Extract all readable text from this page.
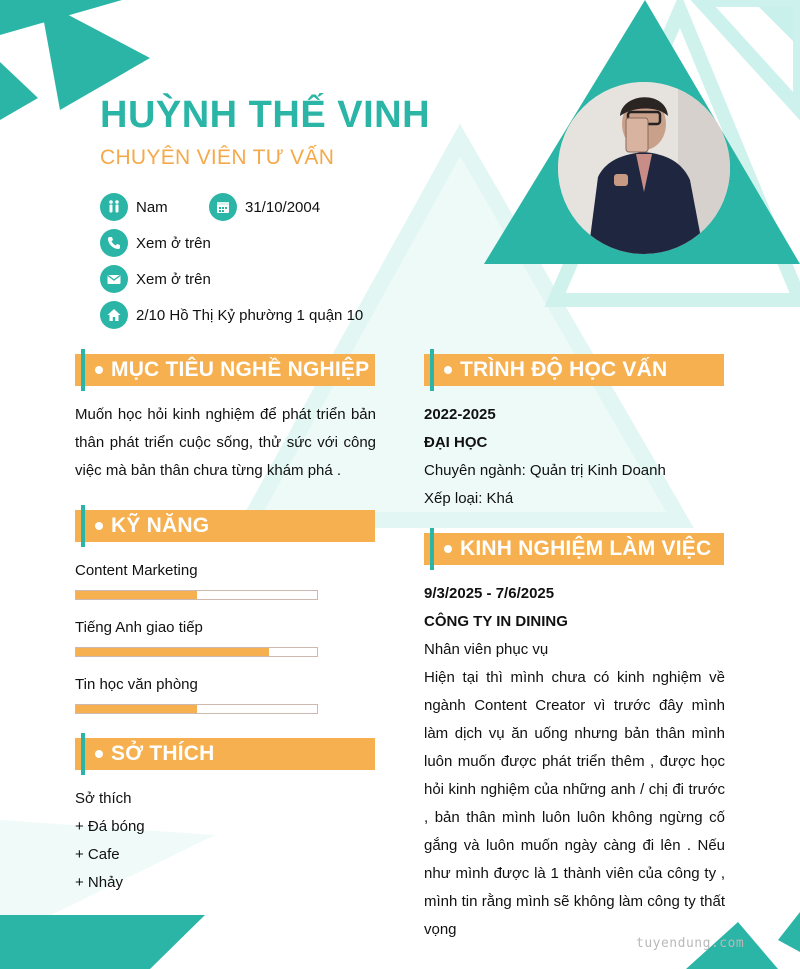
HUỲNH THẾ VINH
CHUYÊN VIÊN TƯ VẤN
Nam	31/10/2004
Xem ở trên
Xem ở trên
2/10 Hồ Thị Kỷ phường 1 quận 10
MỤC TIÊU NGHỀ NGHIỆP

Muốn học hỏi kinh nghiệm để phát triển bản thân phát triển cuộc sống, thử sức với công việc mà bản thân chưa từng khám phá .

KỸ NĂNG
Content Marketing
Tiếng Anh giao tiếp
Tin học văn phòng
SỞ THÍCH
Sở thích
+ Đá bóng
+ Cafe
+ Nhảy
TRÌNH ĐỘ HỌC VẤN
2022-2025
ĐẠI HỌC
Chuyên ngành: Quản trị Kinh Doanh
Xếp loại: Khá
KINH NGHIỆM LÀM VIỆC
9/3/2025 - 7/6/2025
CÔNG TY IN DINING
Nhân viên phục vụ

Hiện tại thì mình chưa có kinh nghiệm về ngành Content Creator vì trước đây mình làm dịch vụ ăn uống nhưng bản thân mình luôn muốn được phát triển thêm , được học hỏi kinh nghiệm của những anh / chị đi trước , bản thân mình luôn luôn không ngừng cố gắng và luôn muốn ngày càng đi lên . Nếu như mình được là 1 thành viên của công ty , mình tin rằng mình sẽ không làm công ty thất vọng

tuyendung.com
